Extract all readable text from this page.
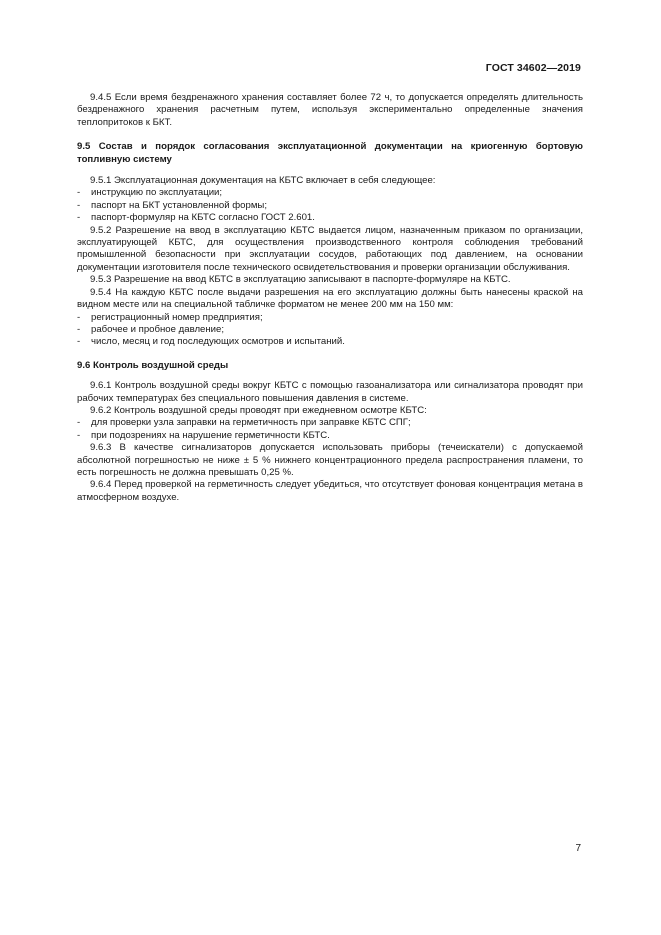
ГОСТ 34602—2019

9.4.5 Если время бездренажного хранения составляет более 72 ч, то допускается определять длительность бездренажного хранения расчетным путем, используя экспериментально определенные значения теплопритоков к БКТ.

9.5 Состав и порядок согласования эксплуатационной документации на криогенную бортовую топливную систему

9.5.1 Эксплуатационная документация на КБТС включает в себя следующее:

- инструкцию по эксплуатации;
- паспорт на БКТ установленной формы;
- паспорт-формуляр на КБТС согласно ГОСТ 2.601.

9.5.2 Разрешение на ввод в эксплуатацию КБТС выдается лицом, назначенным приказом по организации, эксплуатирующей КБТС, для осуществления производственного контроля соблюдения требований промышленной безопасности при эксплуатации сосудов, работающих под давлением, на основании документации изготовителя после технического освидетельствования и проверки организации обслуживания.

9.5.3 Разрешение на ввод КБТС в эксплуатацию записывают в паспорте-формуляре на КБТС.

9.5.4 На каждую КБТС после выдачи разрешения на его эксплуатацию должны быть нанесены краской на видном месте или на специальной табличке форматом не менее 200 мм на 150 мм:

- регистрационный номер предприятия;
- рабочее и пробное давление;
- число, месяц и год последующих осмотров и испытаний.

9.6 Контроль воздушной среды

9.6.1 Контроль воздушной среды вокруг КБТС с помощью газоанализатора или сигнализатора проводят при рабочих температурах без специального повышения давления в системе.

9.6.2 Контроль воздушной среды проводят при ежедневном осмотре КБТС:

- для проверки узла заправки на герметичность при заправке КБТС СПГ;
- при подозрениях на нарушение герметичности КБТС.

9.6.3 В качестве сигнализаторов допускается использовать приборы (течеискатели) с допускаемой абсолютной погрешностью не ниже ± 5 % нижнего концентрационного предела распространения пламени, то есть погрешность не должна превышать 0,25 %.

9.6.4 Перед проверкой на герметичность следует убедиться, что отсутствует фоновая концентрация метана в атмосферном воздухе.

7
